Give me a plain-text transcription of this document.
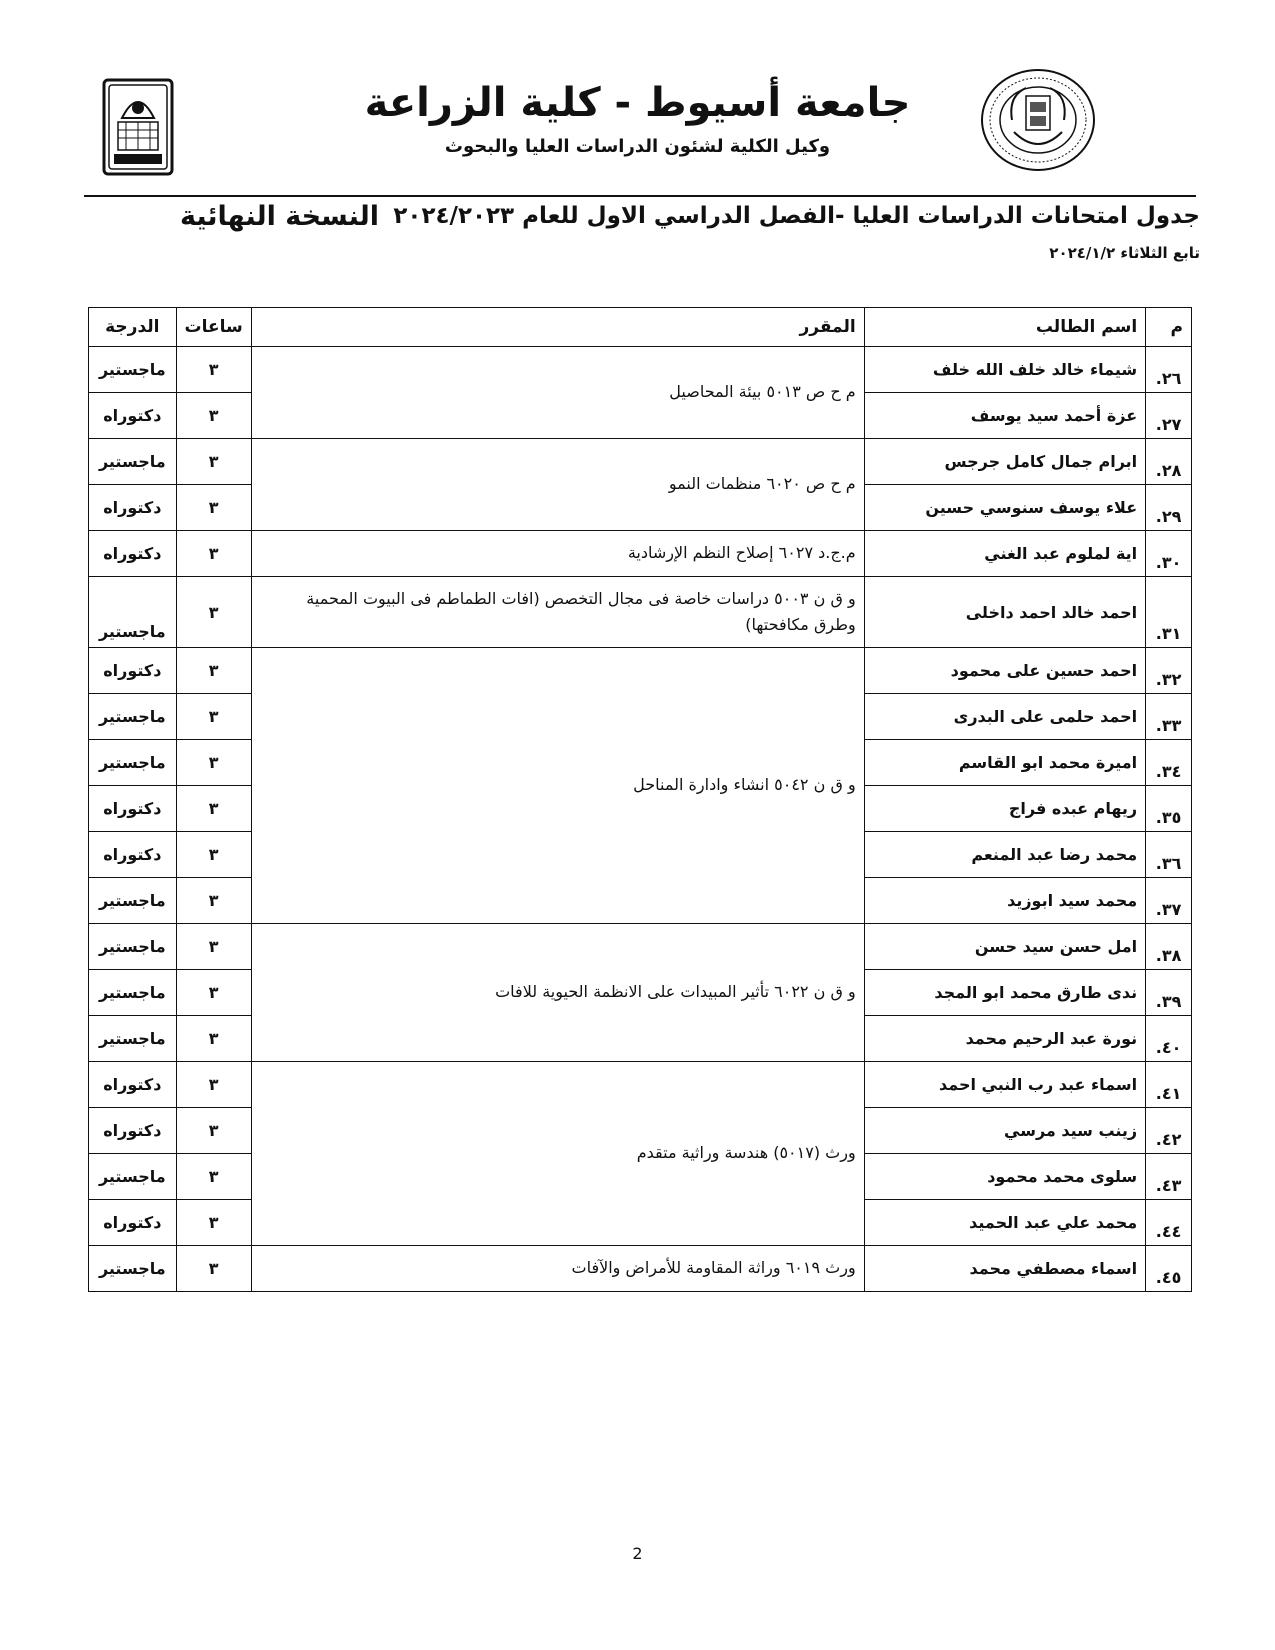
جامعة أسيوط - كلية الزراعة
وكيل الكلية لشئون الدراسات العليا والبحوث
جدول امتحانات الدراسات العليا -الفصل الدراسي الاول للعام ٢٠٢٤/٢٠٢٣
النسخة النهائية
تابع الثلاثاء ٢٠٢٤/١/٢
م	اسم الطالب	المقرر	ساعات	الدرجة
٢٦.	شيماء خالد خلف الله خلف	م ح ص ٥٠١٣ بيئة المحاصيل	٣	ماجستير
٢٧.	عزة أحمد سيد يوسف		٣	دكتوراه
٢٨.	ابرام جمال كامل جرجس	م ح ص ٦٠٢٠ منظمات النمو	٣	ماجستير
٢٩.	علاء يوسف سنوسي حسين		٣	دكتوراه
٣٠.	اية لملوم عبد الغني	م.ج.د ٦٠٢٧ إصلاح النظم الإرشادية	٣	دكتوراه
٣١.	احمد خالد احمد داخلى	و ق ن ٥٠٠٣ دراسات خاصة فى مجال التخصص (افات الطماطم فى البيوت المحمية وطرق مكافحتها)	٣	ماجستير
٣٢.	احمد حسين على محمود	و ق ن ٥٠٤٢ انشاء وادارة المناحل	٣	دكتوراه
٣٣.	احمد حلمى على البدرى		٣	ماجستير
٣٤.	اميرة محمد ابو القاسم		٣	ماجستير
٣٥.	ريهام عبده فراج		٣	دكتوراه
٣٦.	محمد رضا عبد المنعم		٣	دكتوراه
٣٧.	محمد سيد ابوزيد		٣	ماجستير
٣٨.	امل حسن سيد حسن	و ق ن ٦٠٢٢ تأثير المبيدات على الانظمة الحيوية للافات	٣	ماجستير
٣٩.	ندى طارق محمد ابو المجد		٣	ماجستير
٤٠.	نورة عبد الرحيم محمد		٣	ماجستير
٤١.	اسماء عبد رب النبي احمد	ورث (٥٠١٧) هندسة وراثية متقدم	٣	دكتوراه
٤٢.	زينب سيد مرسي		٣	دكتوراه
٤٣.	سلوى محمد محمود		٣	ماجستير
٤٤.	محمد علي عبد الحميد		٣	دكتوراه
٤٥.	اسماء مصطفي محمد	ورث ٦٠١٩ وراثة المقاومة للأمراض والآفات	٣	ماجستير
2
